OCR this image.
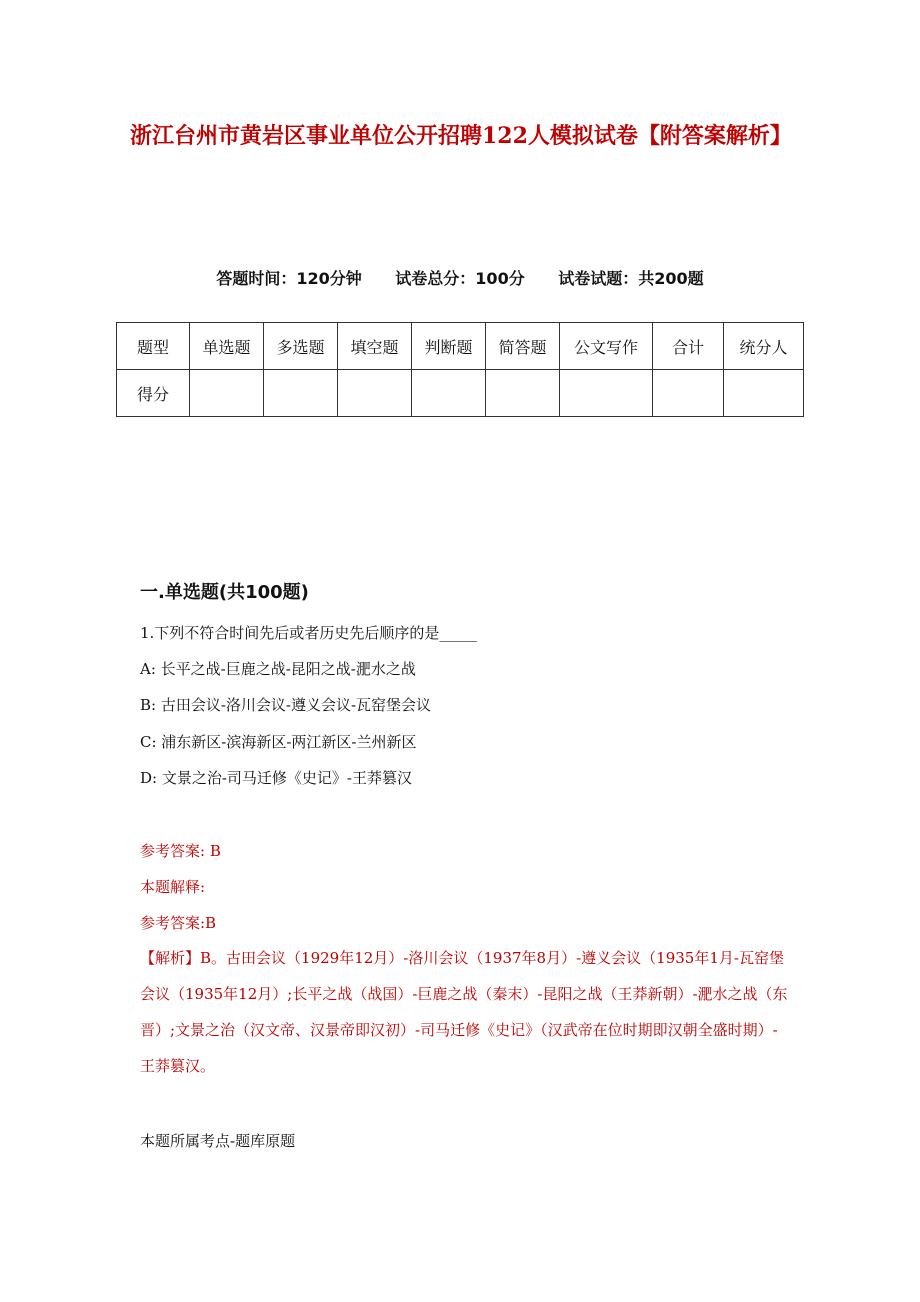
浙江台州市黄岩区事业单位公开招聘122人模拟试卷【附答案解析】
答题时间：120分钟 试卷总分：100分 试卷试题：共200题
题型	单选题	多选题	填空题	判断题	简答题	公文写作	合计	统分人
得分								
一.单选题(共100题)
1.下列不符合时间先后或者历史先后顺序的是_____
A: 长平之战-巨鹿之战-昆阳之战-淝水之战
B: 古田会议-洛川会议-遵义会议-瓦窑堡会议
C: 浦东新区-滨海新区-两江新区-兰州新区
D: 文景之治-司马迁修《史记》-王莽篡汉
参考答案: B
本题解释:
参考答案:B
【解析】B。古田会议（1929年12月）-洛川会议（1937年8月）-遵义会议（1935年1月-瓦窑堡会议（1935年12月）;长平之战（战国）-巨鹿之战（秦末）-昆阳之战（王莽新朝）-淝水之战（东晋）;文景之治（汉文帝、汉景帝即汉初）-司马迁修《史记》（汉武帝在位时期即汉朝全盛时期）-王莽篡汉。
本题所属考点-题库原题
